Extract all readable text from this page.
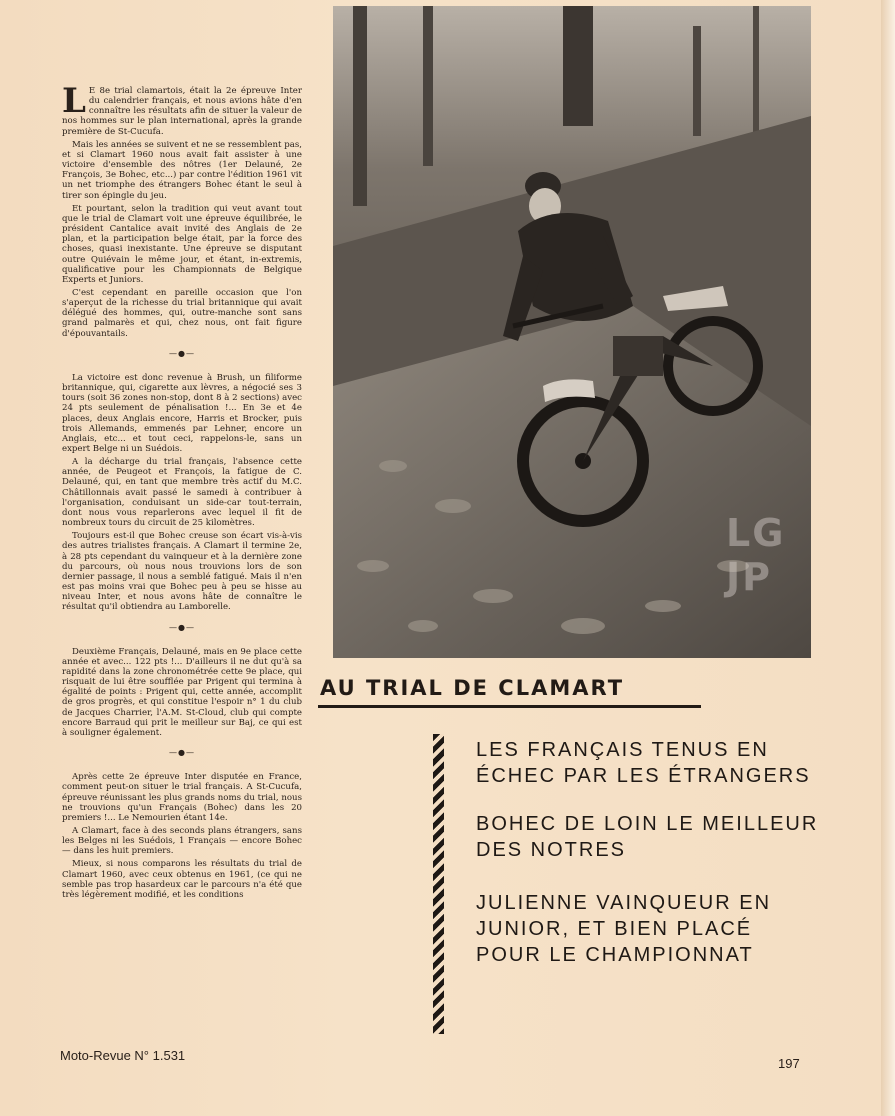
L E 8e trial clamartois, était la 2e épreuve Inter du calendrier français, et nous avions hâte d'en connaître les résultats afin de situer la valeur de nos hommes sur le plan international, après la grande première de St-Cucufa.

Mais les années se suivent et ne se ressemblent pas, et si Clamart 1960 nous avait fait assister à une victoire d'ensemble des nôtres (1er Delauné, 2e François, 3e Bohec, etc...) par contre l'édition 1961 vit un net triomphe des étrangers Bohec étant le seul à tirer son épingle du jeu.

Et pourtant, selon la tradition qui veut avant tout que le trial de Clamart voit une épreuve équilibrée, le président Cantalice avait invité des Anglais de 2e plan, et la participation belge était, par la force des choses, quasi inexistante. Une épreuve se disputant outre Quiévain le même jour, et étant, in-extremis, qualificative pour les Championnats de Belgique Experts et Juniors.

C'est cependant en pareille occasion que l'on s'aperçut de la richesse du trial britannique qui avait délégué des hommes, qui, outre-manche sont sans grand palmarès et qui, chez nous, ont fait figure d'épouvantails.

—●—

La victoire est donc revenue à Brush, un filiforme britannique, qui, cigarette aux lèvres, a négocié ses 3 tours (soit 36 zones non-stop, dont 8 à 2 sections) avec 24 pts seulement de pénalisation !... En 3e et 4e places, deux Anglais encore, Harris et Brocker, puis trois Allemands, emmenés par Lehner, encore un Anglais, etc... et tout ceci, rappelons-le, sans un expert Belge ni un Suédois.

A la décharge du trial français, l'absence cette année, de Peugeot et François, la fatigue de C. Delauné, qui, en tant que membre très actif du M.C. Châtillonnais avait passé le samedi à contribuer à l'organisation, conduisant un side-car tout-terrain, dont nous vous reparlerons avec lequel il fit de nombreux tours du circuit de 25 kilomètres.

Toujours est-il que Bohec creuse son écart vis-à-vis des autres trialistes français. A Clamart il termine 2e, à 28 pts cependant du vainqueur et à la dernière zone du parcours, où nous nous trouvions lors de son dernier passage, il nous a semblé fatigué. Mais il n'en est pas moins vrai que Bohec peu à peu se hisse au niveau Inter, et nous avons hâte de connaître le résultat qu'il obtiendra au Lamborelle.

—●—

Deuxième Français, Delauné, mais en 9e place cette année et avec... 122 pts !... D'ailleurs il ne dut qu'à sa rapidité dans la zone chronométrée cette 9e place, qui risquait de lui être soufflée par Prigent qui termina à égalité de points : Prigent qui, cette année, accomplit de gros progrès, et qui constitue l'espoir n° 1 du club de Jacques Charrier, l'A.M. St-Cloud, club qui compte encore Barraud qui prit le meilleur sur Baj, ce qui est à souligner également.

—●—

Après cette 2e épreuve Inter disputée en France, comment peut-on situer le trial français. A St-Cucufa, épreuve réunissant les plus grands noms du trial, nous ne trouvions qu'un Français (Bohec) dans les 20 premiers !... Le Nemourien étant 14e.

A Clamart, face à des seconds plans étrangers, sans les Belges ni les Suédois, 1 Français — encore Bohec — dans les huit premiers.

Mieux, si nous comparons les résultats du trial de Clamart 1960, avec ceux obtenus en 1961, (ce qui ne semble pas trop hasardeux car le parcours n'a été que très légèrement modifié, et les conditions

LG
JP
AU TRIAL DE CLAMART
LES FRANÇAIS TENUS EN ÉCHEC PAR LES ÉTRANGERS
BOHEC DE LOIN LE MEILLEUR DES NOTRES
JULIENNE VAINQUEUR EN JUNIOR, ET BIEN PLACÉ POUR LE CHAMPIONNAT
Moto-Revue N° 1.531
197
